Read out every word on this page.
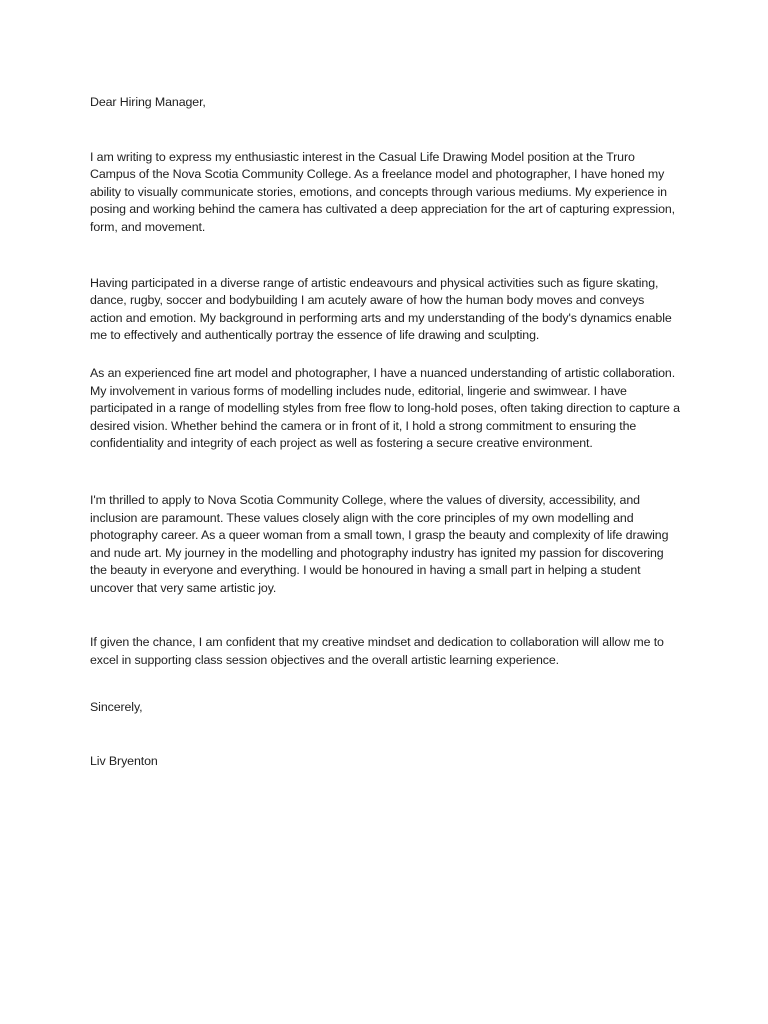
Dear Hiring Manager,

I am writing to express my enthusiastic interest in the Casual Life Drawing Model position at the Truro Campus of the Nova Scotia Community College. As a freelance model and photographer, I have honed my ability to visually communicate stories, emotions, and concepts through various mediums. My experience in posing and working behind the camera has cultivated a deep appreciation for the art of capturing expression, form, and movement.

Having participated in a diverse range of artistic endeavours and physical activities such as figure skating, dance, rugby, soccer and bodybuilding I am acutely aware of how the human body moves and conveys action and emotion. My background in performing arts and my understanding of the body's dynamics enable me to effectively and authentically portray the essence of life drawing and sculpting.

As an experienced fine art model and photographer, I have a nuanced understanding of artistic collaboration. My involvement in various forms of modelling includes nude, editorial, lingerie and swimwear. I have participated in a range of modelling styles from free flow to long-hold poses, often taking direction to capture a desired vision. Whether behind the camera or in front of it, I hold a strong commitment to ensuring the confidentiality and integrity of each project as well as fostering a secure creative environment.

I'm thrilled to apply to Nova Scotia Community College, where the values of diversity, accessibility, and inclusion are paramount. These values closely align with the core principles of my own modelling and photography career. As a queer woman from a small town, I grasp the beauty and complexity of life drawing and nude art. My journey in the modelling and photography industry has ignited my passion for discovering the beauty in everyone and everything. I would be honoured in having a small part in helping a student uncover that very same artistic joy.

If given the chance, I am confident that my creative mindset and dedication to collaboration will allow me to excel in supporting class session objectives and the overall artistic learning experience.

Sincerely,

Liv Bryenton
